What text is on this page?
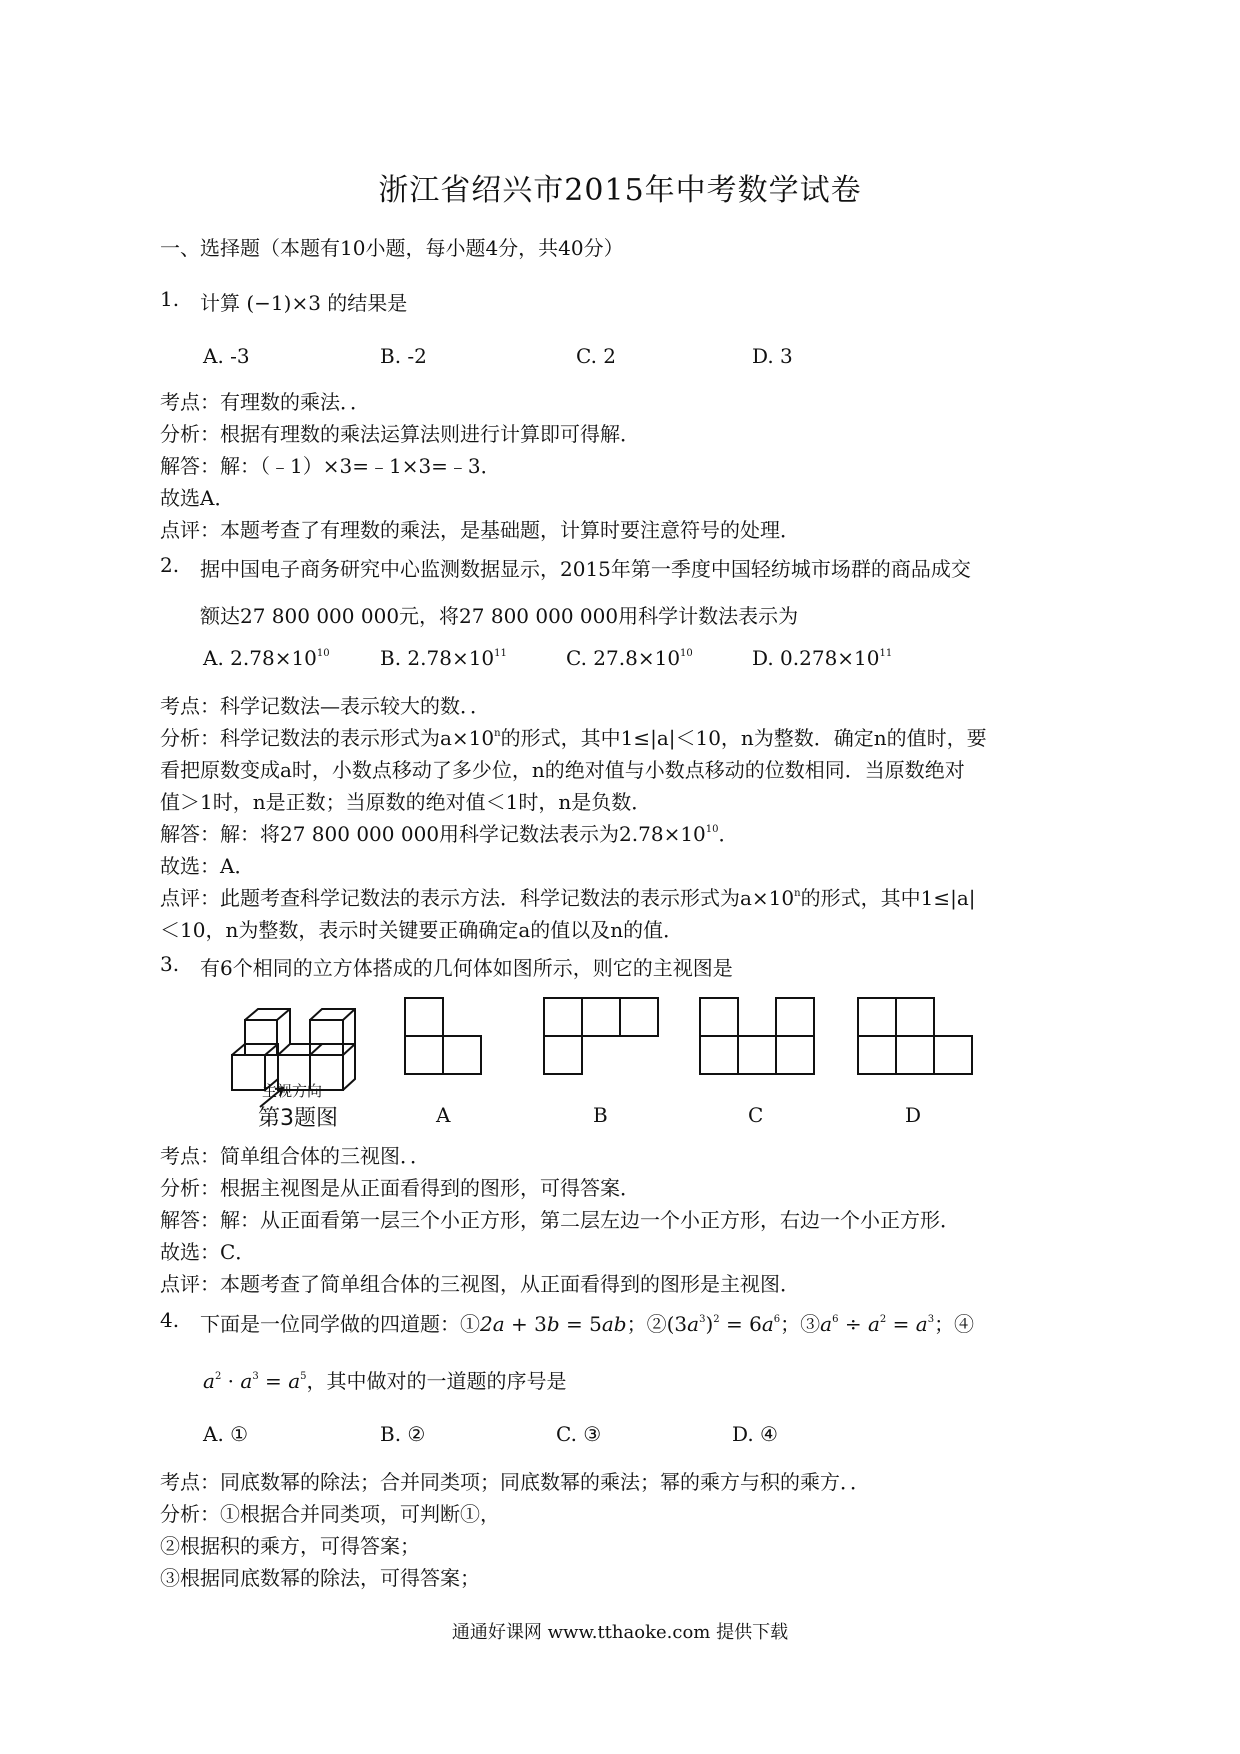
浙江省绍兴市2015年中考数学试卷
一、选择题（本题有10小题，每小题4分，共40分）
1. 计算 (−1)×3 的结果是
A. -3	B. -2	C. 2	D. 3
考点：有理数的乘法．．
分析：根据有理数的乘法运算法则进行计算即可得解．
解答：解：（﹣1）×3=﹣1×3=﹣3．
故选A．
点评：本题考查了有理数的乘法，是基础题，计算时要注意符号的处理．
2. 据中国电子商务研究中心监测数据显示，2015年第一季度中国轻纺城市场群的商品成交
额达27 800 000 000元，将27 800 000 000用科学计数法表示为
A. $2.78\times 10^{10}$	B. $2.78\times 10^{11}$	C. $27.8\times 10^{10}$	D. $0.278\times 10^{11}$
考点：科学记数法—表示较大的数．．
分析：科学记数法的表示形式为$a\times 10^n$的形式，其中1≤|a|＜10，n为整数．确定n的值时，要
看把原数变成a时，小数点移动了多少位，n的绝对值与小数点移动的位数相同．当原数绝对
值＞1时，n是正数；当原数的绝对值＜1时，n是负数．
解答：解：将27 800 000 000用科学记数法表示为$2.78\times 10^{10}$．
故选：A．
点评：此题考查科学记数法的表示方法．科学记数法的表示形式为$a\times 10^n$的形式，其中1≤|a|
＜10，n为整数，表示时关键要正确确定a的值以及n的值．
3. 有6个相同的立方体搭成的几何体如图所示，则它的主视图是
主视方向
第3题图	A	B	C	D
考点：简单组合体的三视图．．
分析：根据主视图是从正面看得到的图形，可得答案．
解答：解：从正面看第一层三个小正方形，第二层左边一个小正方形，右边一个小正方形．
故选：C．
点评：本题考查了简单组合体的三视图，从正面看得到的图形是主视图．
4. 下面是一位同学做的四道题：①2a + 3b = 5ab；$②(3a^3)^2 = 6a^6$；$③a^6 \div a^2 = a^3$；④
$a^2 \cdot a^3 = a^5$，其中做对的一道题的序号是
A. ①	B. ②	C. ③	D. ④
考点：同底数幂的除法；合并同类项；同底数幂的乘法；幂的乘方与积的乘方．．
分析：①根据合并同类项，可判断①，
②根据积的乘方，可得答案；
③根据同底数幂的除法，可得答案；
通通好课网 www.tthaoke.com 提供下载
